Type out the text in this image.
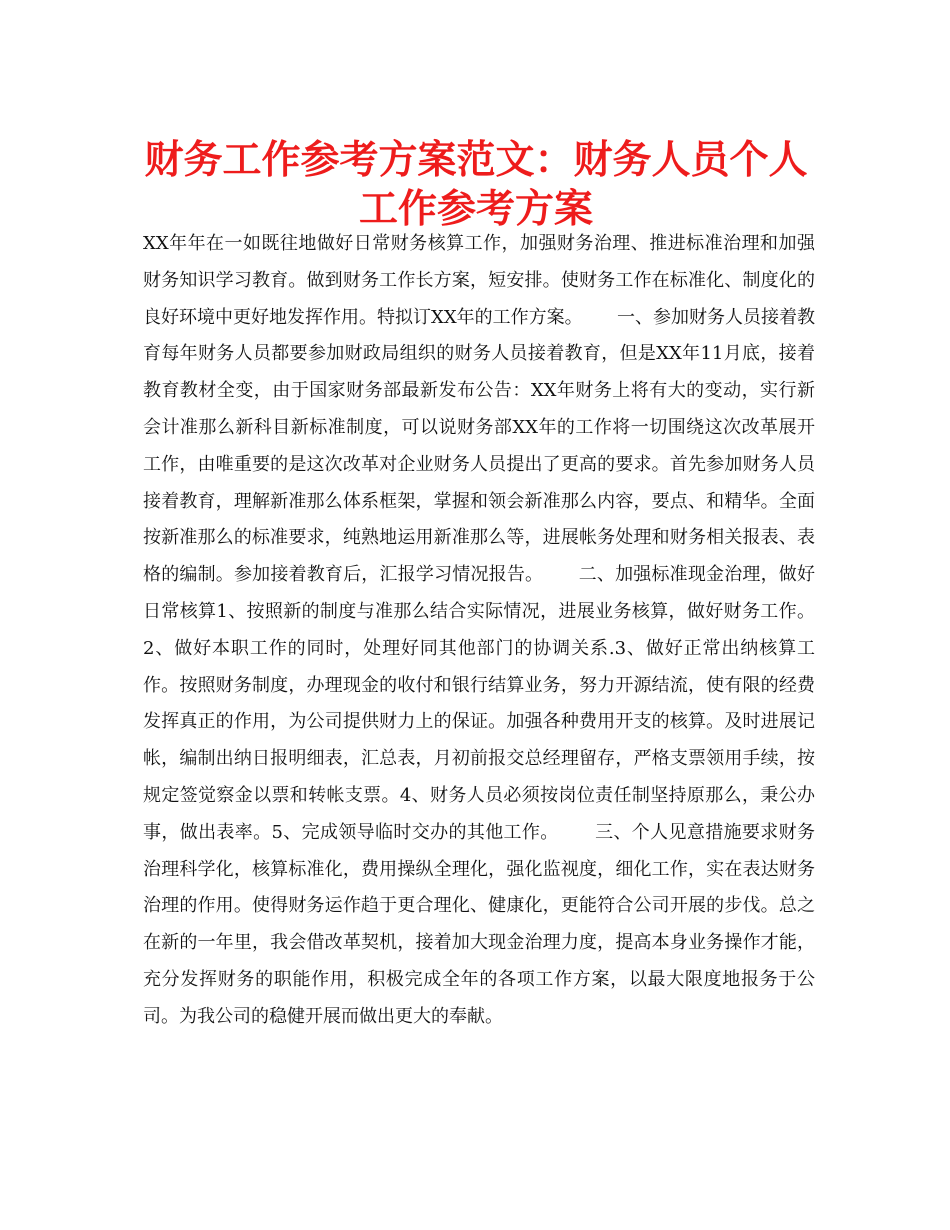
财务工作参考方案范文：财务人员个人工作参考方案

XX年年在一如既往地做好日常财务核算工作，加强财务治理、推进标准治理和加强财务知识学习教育。做到财务工作长方案，短安排。使财务工作在标准化、制度化的良好环境中更好地发挥作用。特拟订XX年的工作方案。      一、参加财务人员接着教育每年财务人员都要参加财政局组织的财务人员接着教育，但是XX年11月底，接着教育教材全变，由于国家财务部最新发布公告：XX年财务上将有大的变动，实行新会计准那么新科目新标准制度，可以说财务部XX年的工作将一切围绕这次改革展开工作，由唯重要的是这次改革对企业财务人员提出了更高的要求。首先参加财务人员接着教育，理解新准那么体系框架，掌握和领会新准那么内容，要点、和精华。全面按新准那么的标准要求，纯熟地运用新准那么等，进展帐务处理和财务相关报表、表格的编制。参加接着教育后，汇报学习情况报告。      二、加强标准现金治理，做好日常核算1、按照新的制度与准那么结合实际情况，进展业务核算，做好财务工作。2、做好本职工作的同时，处理好同其他部门的协调关系.3、做好正常出纳核算工作。按照财务制度，办理现金的收付和银行结算业务，努力开源结流，使有限的经费发挥真正的作用，为公司提供财力上的保证。加强各种费用开支的核算。及时进展记帐，编制出纳日报明细表，汇总表，月初前报交总经理留存，严格支票领用手续，按规定签觉察金以票和转帐支票。4、财务人员必须按岗位责任制坚持原那么，秉公办事，做出表率。5、完成领导临时交办的其他工作。      三、个人见意措施要求财务治理科学化，核算标准化，费用操纵全理化，强化监视度，细化工作，实在表达财务治理的作用。使得财务运作趋于更合理化、健康化，更能符合公司开展的步伐。总之在新的一年里，我会借改革契机，接着加大现金治理力度，提高本身业务操作才能，充分发挥财务的职能作用，积极完成全年的各项工作方案，以最大限度地报务于公司。为我公司的稳健开展而做出更大的奉献。
